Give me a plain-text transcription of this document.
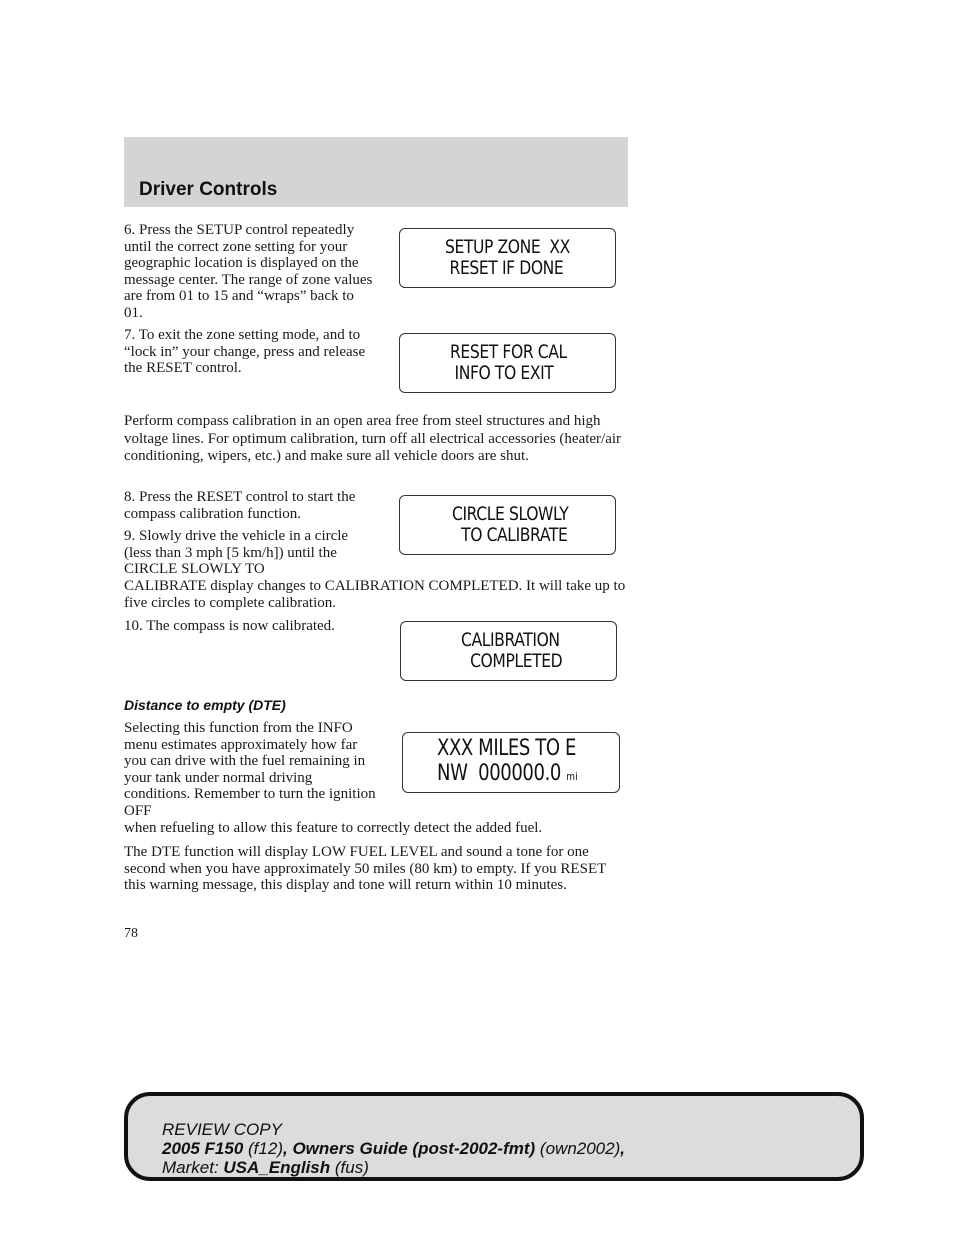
Driver Controls

6. Press the SETUP control repeatedly until the correct zone setting for your geographic location is displayed on the message center. The range of zone values are from 01 to 15 and “wraps” back to 01.

SETUP ZONE  XX
RESET IF DONE

7. To exit the zone setting mode, and to “lock in” your change, press and release the RESET control.

RESET FOR CAL
INFO TO EXIT

Perform compass calibration in an open area free from steel structures and high voltage lines. For optimum calibration, turn off all electrical accessories (heater/air conditioning, wipers, etc.) and make sure all vehicle doors are shut.

8. Press the RESET control to start the compass calibration function.	CIRCLE SLOWLY
TO CALIBRATE

9. Slowly drive the vehicle in a circle (less than 3 mph [5 km/h]) until the CIRCLE SLOWLY TO

CALIBRATE display changes to CALIBRATION COMPLETED. It will take up to five circles to complete calibration.

10. The compass is now calibrated.

CALIBRATION
COMPLETED
Distance to empty (DTE)

Selecting this function from the INFO menu estimates approximately how far you can drive with the fuel remaining in your tank under normal driving conditions. Remember to turn the ignition OFF

XXX MILES TO E
NW  000000.0 mi

when refueling to allow this feature to correctly detect the added fuel.

The DTE function will display LOW FUEL LEVEL and sound a tone for one second when you have approximately 50 miles (80 km) to empty. If you RESET this warning message, this display and tone will return within 10 minutes.

78

REVIEW COPY
2005 F150 (f12), Owners Guide (post-2002-fmt) (own2002),
Market: USA_English (fus)
